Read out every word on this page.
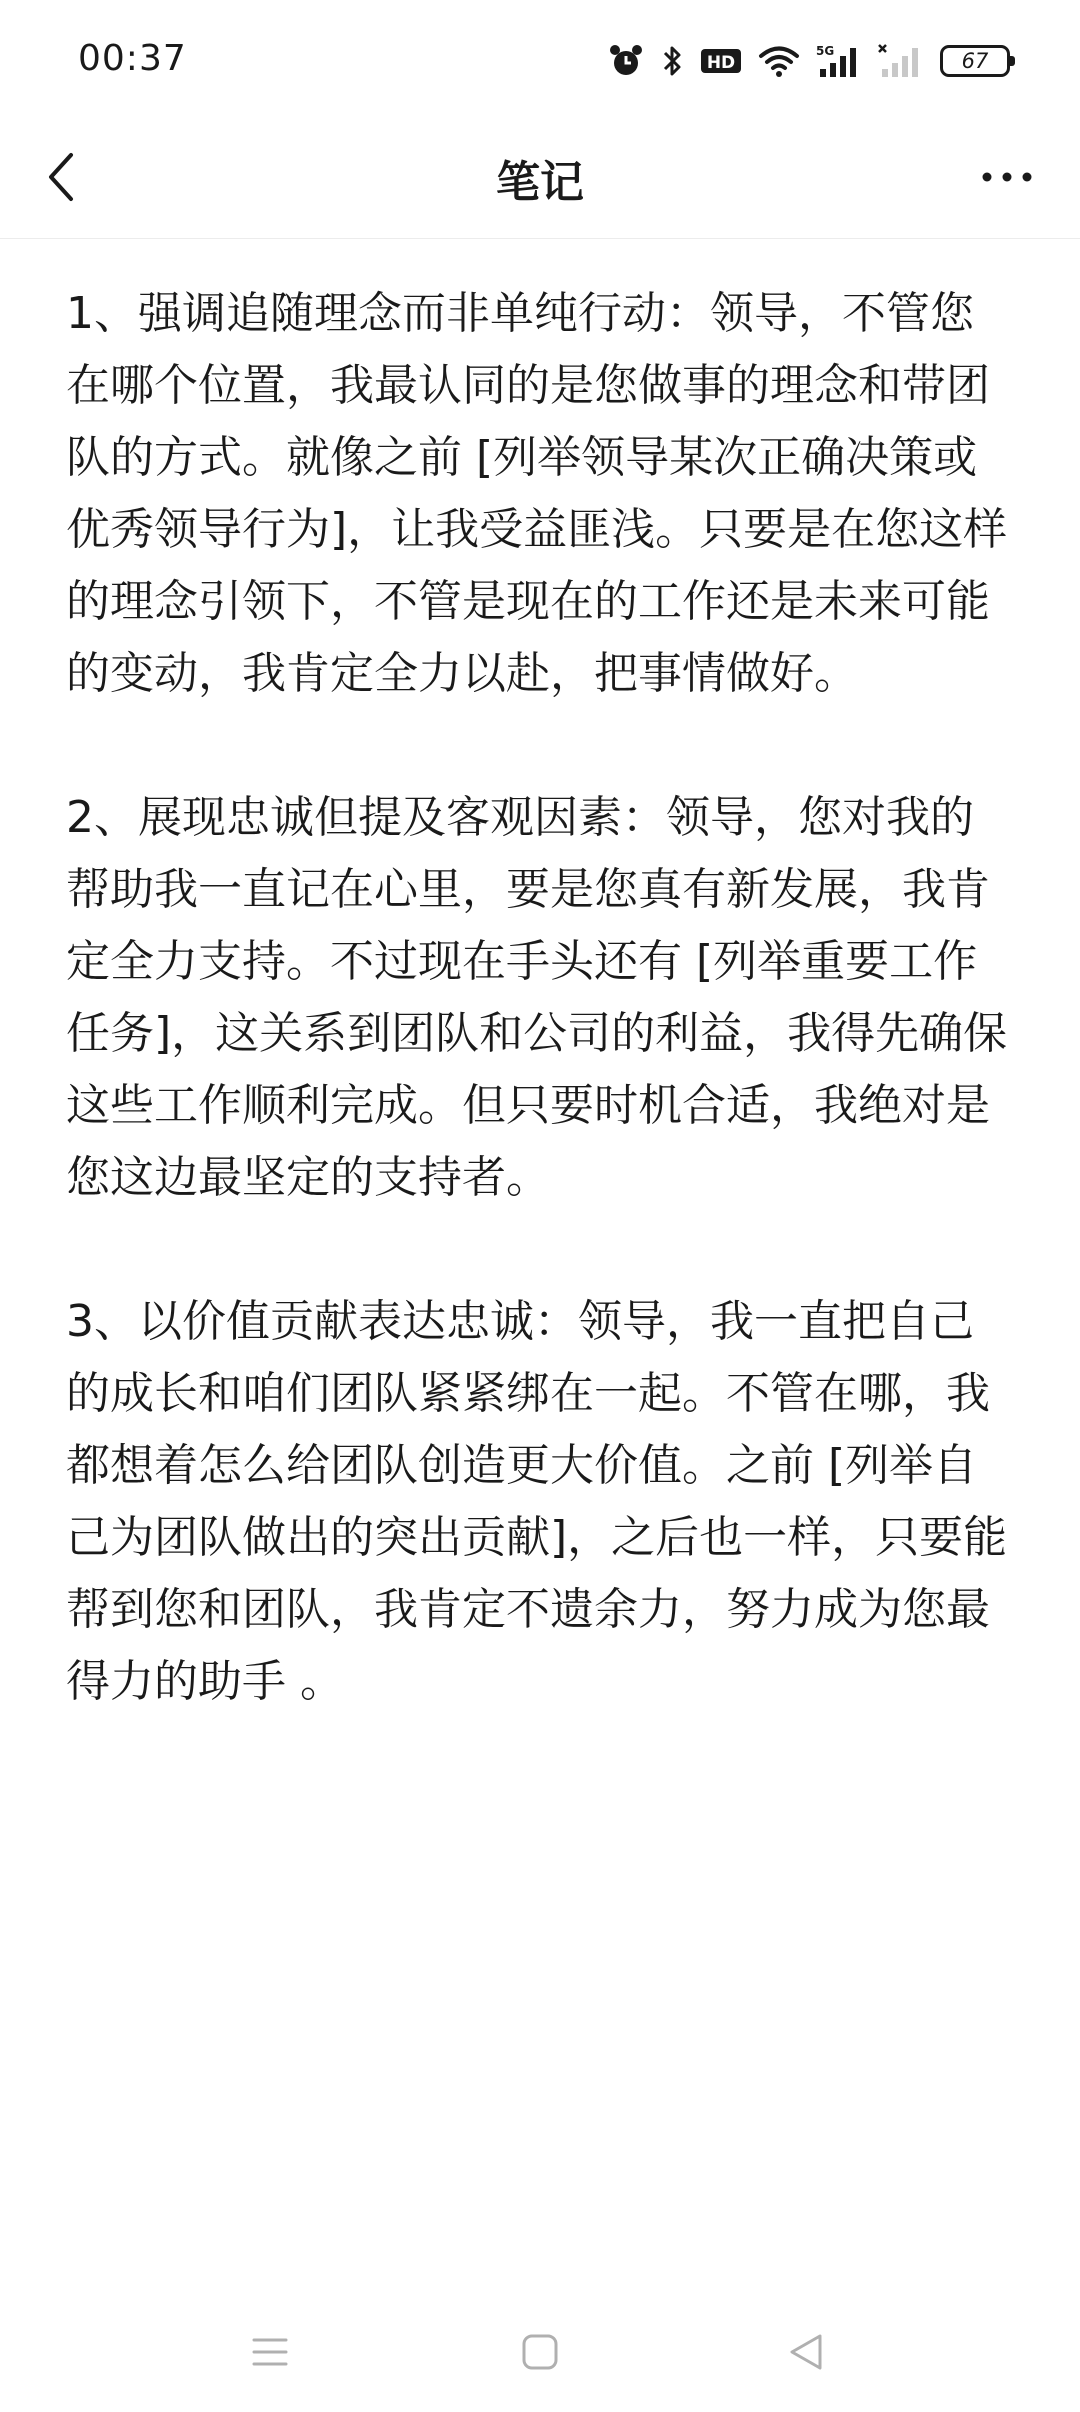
00:37	HD
5G	67
笔记

1、强调追随理念而非单纯行动：领导，不管您在哪个位置，我最认同的是您做事的理念和带团队的方式。就像之前 [列举领导某次正确决策或优秀领导行为]，让我受益匪浅。只要是在您这样的理念引领下，不管是现在的工作还是未来可能的变动，我肯定全力以赴，把事情做好。

2、展现忠诚但提及客观因素：领导，您对我的帮助我一直记在心里，要是您真有新发展，我肯定全力支持。不过现在手头还有 [列举重要工作任务]，这关系到团队和公司的利益，我得先确保这些工作顺利完成。但只要时机合适，我绝对是您这边最坚定的支持者。

3、以价值贡献表达忠诚：领导，我一直把自己的成长和咱们团队紧紧绑在一起。不管在哪，我都想着怎么给团队创造更大价值。之前 [列举自己为团队做出的突出贡献]，之后也一样，只要能帮到您和团队，我肯定不遗余力，努力成为您最得力的助手 。
